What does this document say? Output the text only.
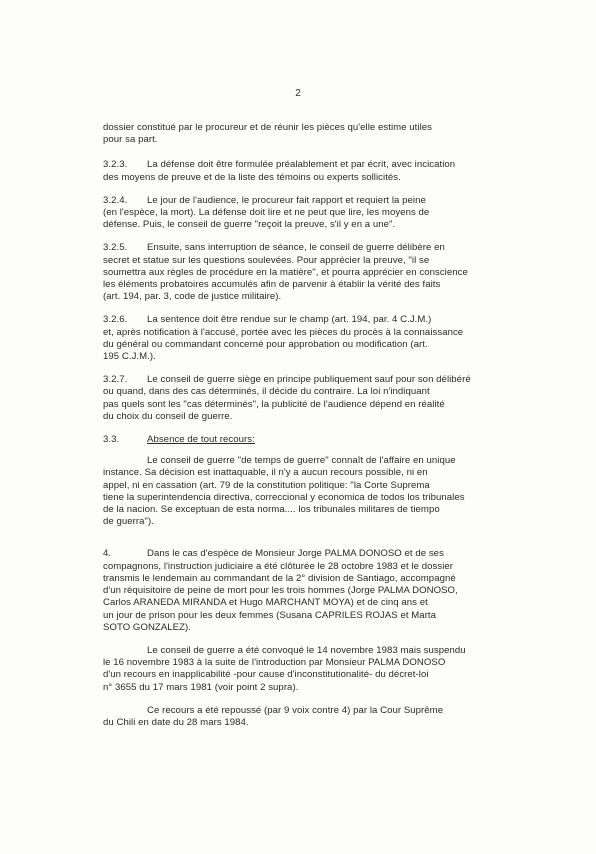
2
dossier constitué par le procureur et de réunir les pièces qu'elle estime utiles
pour sa part.
3.2.3. La défense doit être formulée préalablement et par écrit, avec incication
des moyens de preuve et de la liste des témoins ou experts sollicités.
3.2.4. Le jour de l'audience, le procureur fait rapport et requiert la peine
(en l'espèce, la mort). La défense doit lire et ne peut que lire, les moyens de
défense. Puis, le conseil de guerre "reçoit la preuve, s'il y en a une".
3.2.5. Ensuite, sans interruption de séance, le conseil de guerre délibère en
secret et statue sur les questions soulevées. Pour apprécier la preuve, "il se
soumettra aux règles de procédure en la matière", et pourra apprécier en conscience
les éléments probatoires accumulés afin de parvenir à établir la vérité des faits
(art. 194, par. 3, code de justice militaire).
3.2.6. La sentence doit être rendue sur le champ (art. 194, par. 4 C.J.M.)
et, après notification à l'accusé, portée avec les pièces du procès à la connaissance
du général ou commandant concerné pour approbation ou modification (art.
195 C.J.M.).
3.2.7. Le conseil de guerre siège en principe publiquement sauf pour son délibéré
ou quand, dans des cas déterminés, il décide du contraire. La loi n'indiquant
pas quels sont les "cas déterminés", la publicité de l'audience dépend en réalité
du choix du conseil de guerre.
3.3.	Absence de tout recours:
Le conseil de guerre "de temps de guerre" connaît de l'affaire en unique
instance. Sa décision est inattaquable, il n'y a aucun recours possible, ni en
appel, ni en cassation (art. 79 de la constitution politique: "la Corte Suprema
tiene la superintendencia directiva, correccional y economica de todos los tribunales
de la nacion. Se exceptuan de esta norma.... los tribunales militares de tiempo
de guerra").
4.	Dans le cas d'espèce de Monsieur Jorge PALMA DONOSO et de ses
compagnons, l'instruction judiciaire a été clôturée le 28 octobre 1983 et le dossier
transmis le lendemain au commandant de la 2° division de Santiago, accompagné
d'un réquisitoire de peine de mort pour les trois hommes (Jorge PALMA DONOSO,
Carlos ARANEDA MIRANDA et Hugo MARCHANT MOYA) et de cinq ans et
un jour de prison pour les deux femmes (Susana CAPRILES ROJAS et Marta
SOTO GONZALEZ).
Le conseil de guerre a été convoqué le 14 novembre 1983 mais suspendu
le 16 novembre 1983 à la suite de l'introduction par Monsieur PALMA DONOSO
d'un recours en inapplicabilité -pour cause d'inconstitutionalité- du décret-loi
n° 3655 du 17 mars 1981 (voir point 2 supra).
Ce recours a été repoussé (par 9 voix contre 4) par la Cour Suprême
du Chili en date du 28 mars 1984.
